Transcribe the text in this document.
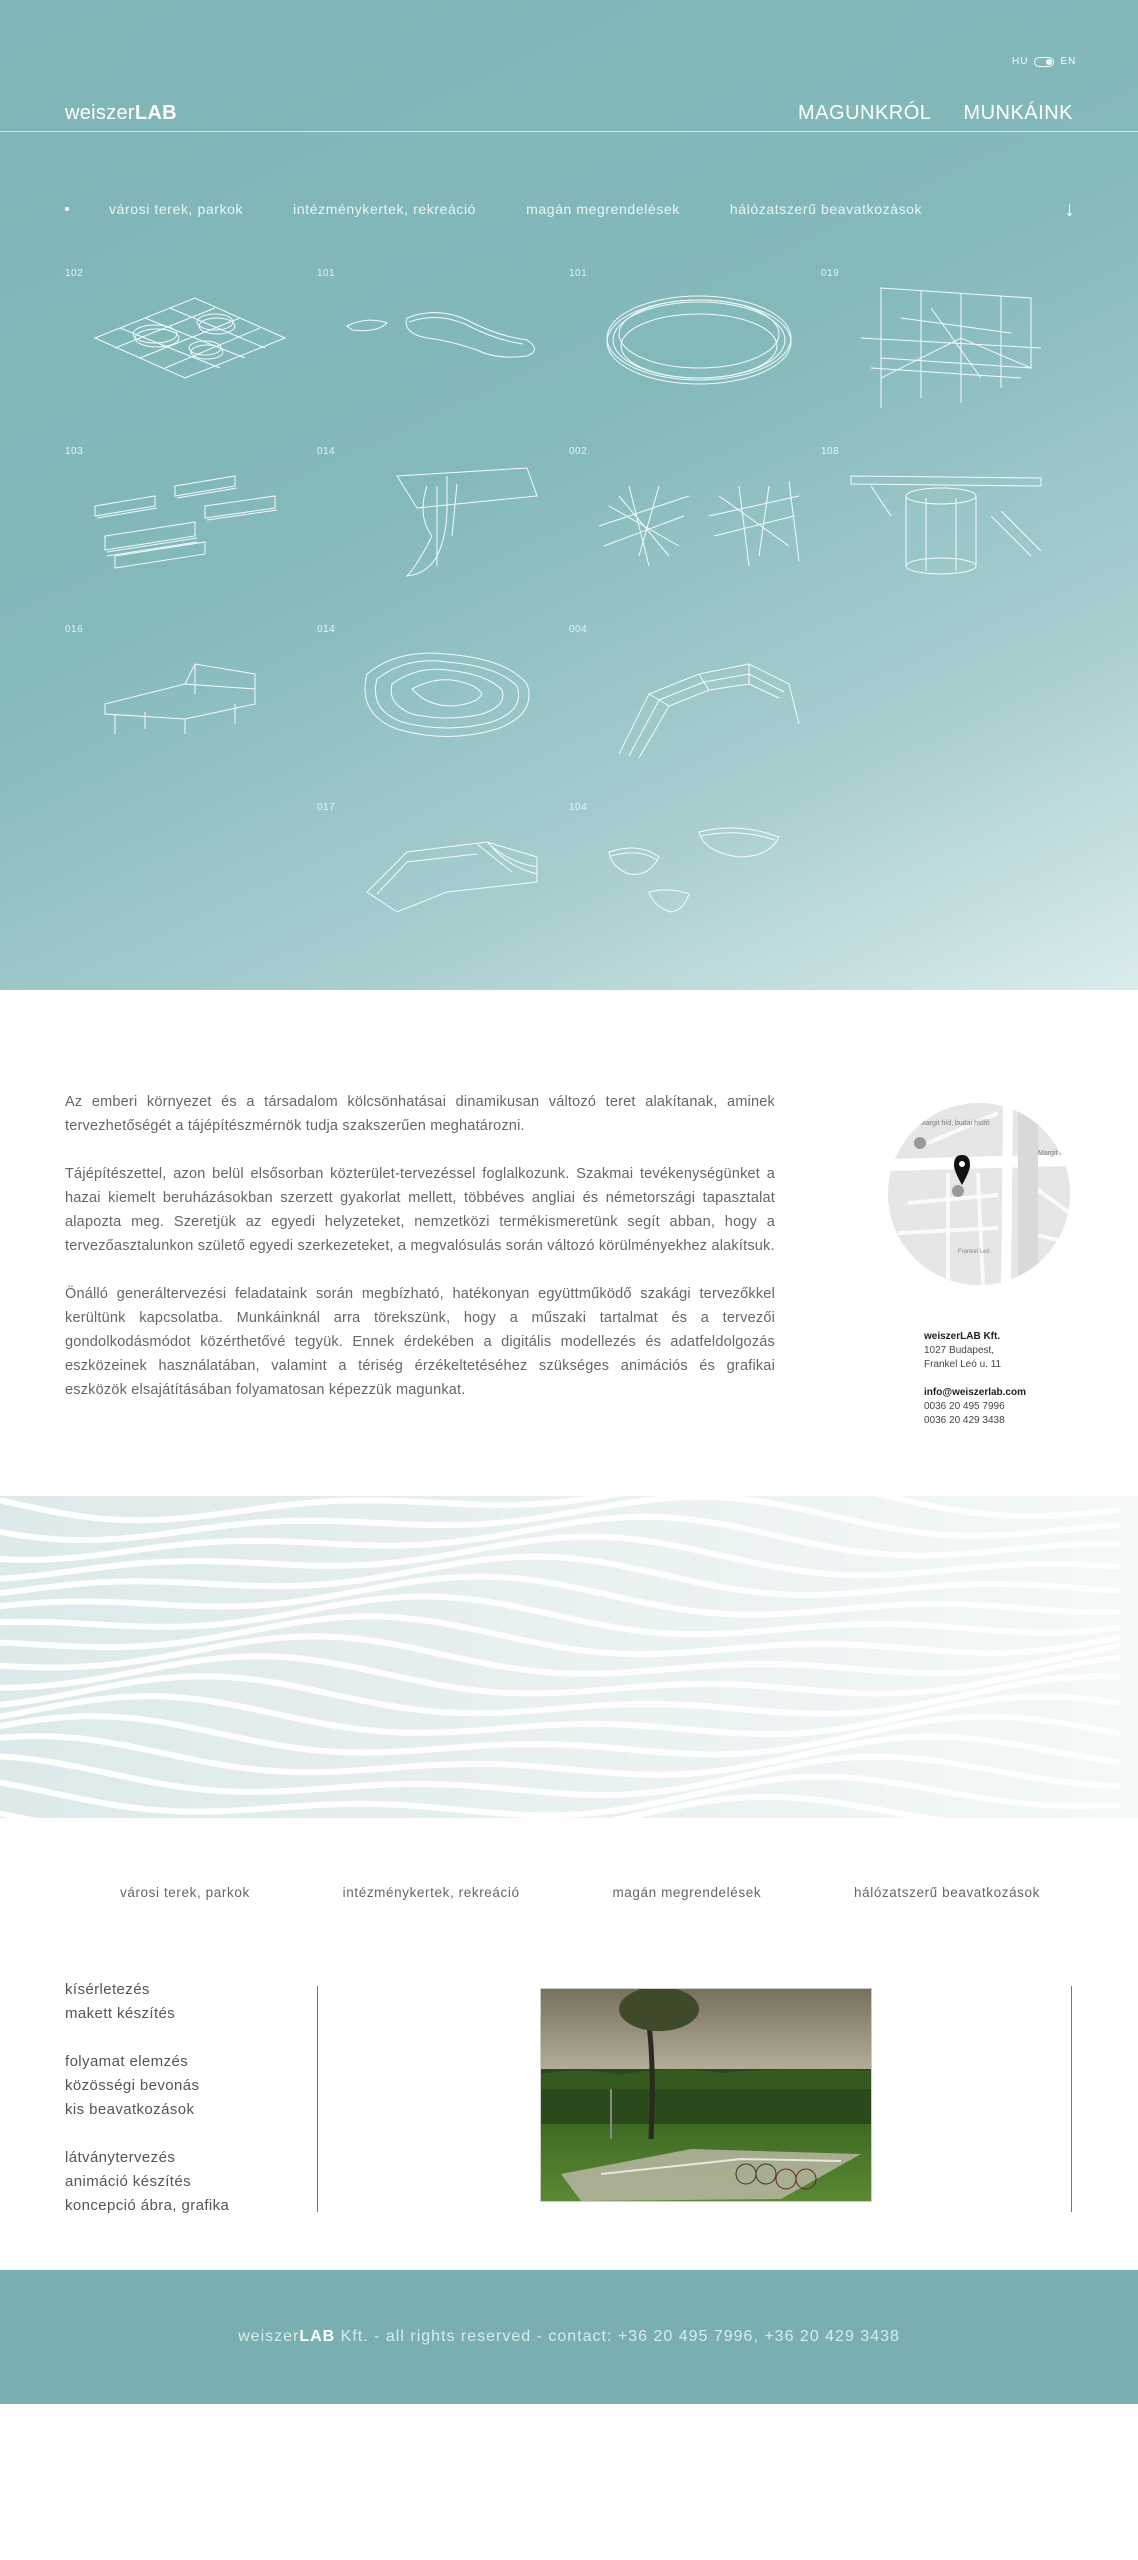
HU	EN
weiszerLAB	MAGUNKRÓL MUNKÁINK
városi terek, parkok	intézménykertek, rekreáció	magán megrendelések	hálózatszerű beavatkozások	↓
102	101	101	019
103	014	002	108
016	014	004
017	104

Az emberi környezet és a társadalom kölcsönhatásai dinamikusan változó teret alakítanak, aminek tervezhetőségét a tájépítészmérnök tudja szakszerűen meghatározni.

Tájépítészettel, azon belül elsősorban közterület-tervezéssel foglalkozunk. Szakmai tevékenységünket a hazai kiemelt beruházásokban szerzett gyakorlat mellett, többéves angliai és németországi tapasztalat alapozta meg. Szeretjük az egyedi helyzeteket, nemzetközi termékismeretünk segít abban, hogy a tervezőasztalunkon születő egyedi szerkezeteket, a megvalósulás során változó körülményekhez alakítsuk.

Önálló generáltervezési feladataink során megbízható, hatékonyan együttműködő szakági tervezőkkel kerültünk kapcsolatba. Munkáinknál arra törekszünk, hogy a műszaki tartalmat és a tervezői gondolkodásmódot közérthetővé tegyük. Ennek érdekében a digitális modellezés és adatfeldolgozás eszközeinek használatában, valamint a tériség érzékeltetéséhez szükséges animációs és grafikai eszközök elsajátításában folyamatosan képezzük magunkat.

Margit híd, budai hídfő
Margit k.
Frankel Leó
weiszerLAB Kft.
1027 Budapest,
Frankel Leó u. 11
info@weiszerlab.com
0036 20 495 7996
0036 20 429 3438
városi terek, parkok	intézménykertek, rekreáció	magán megrendelések	hálózatszerű beavatkozások
kísérletezés
makett készítés
folyamat elemzés
közösségi bevonás
kis beavatkozások
látványtervezés
animáció készítés
koncepció ábra, grafika
weiszerLAB Kft. - all rights reserved - contact: +36 20 495 7996, +36 20 429 3438
